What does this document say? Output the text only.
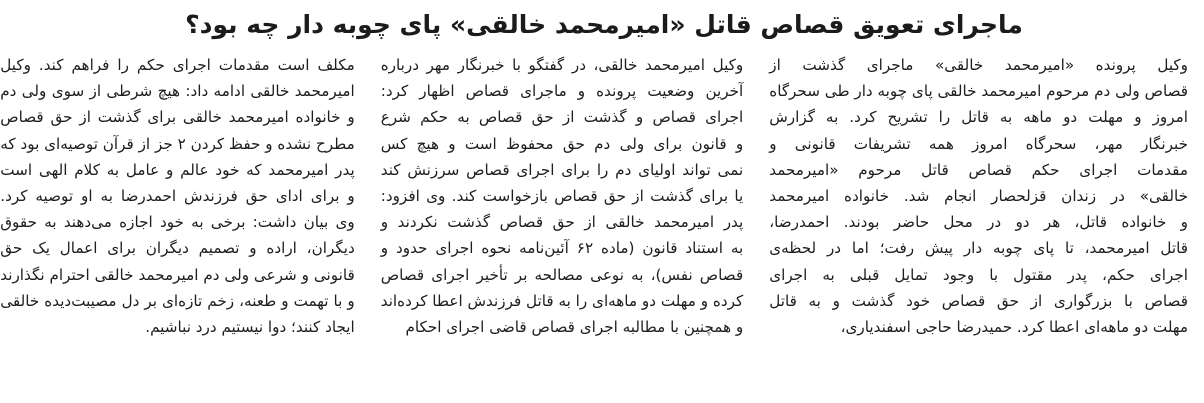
ماجرای تعویق قصاص قاتل «امیرمحمد خالقی» پای چوبه دار چه بود؟
وکیل پرونده «امیرمحمد خالقی» ماجرای گذشت از
قصاص ولی دم مرحوم امیرمحمد خالقی پای چوبه دار طی سحرگاه
امروز و مهلت دو ماهه به قاتل را تشریح کرد. به گزارش
خبرنگار مهر، سحرگاه امروز همه تشریفات قانونی و
مقدمات اجرای حکم قصاص قاتل مرحوم «امیرمحمد
خالقی» در زندان قزلحصار انجام شد. خانواده امیرمحمد
و خانواده قاتل، هر دو در محل حاضر بودند. احمدرضا،
قاتل امیرمحمد، تا پای چوبه دار پیش رفت؛ اما در لحظه‌ی
اجرای حکم، پدر مقتول با وجود تمایل قبلی به اجرای
قصاص با بزرگواری از حق قصاص خود گذشت و به قاتل
مهلت دو ماهه‌ای اعطا کرد. حمیدرضا حاجی اسفندیاری،
وکیل امیرمحمد خالقی، در گفتگو با خبرنگار مهر درباره
آخرین وضعیت پرونده و ماجرای قصاص اظهار کرد:
اجرای قصاص و گذشت از حق قصاص به حکم شرع
و قانون برای ولی دم حق محفوظ است و هیچ کس
نمی تواند اولیای دم را برای اجرای قصاص سرزنش کند
یا برای گذشت از حق قصاص بازخواست کند. وی افزود:
پدر امیرمحمد خالقی از حق قصاص گذشت نکردند و
به استناد قانون (ماده ۶۲ آئین‌نامه نحوه اجرای حدود و
قصاص نفس)، به نوعی مصالحه بر تأخیر اجرای قصاص
کرده و مهلت دو ماهه‌ای را به قاتل فرزندش اعطا کرده‌اند
و همچنین با مطالبه اجرای قصاص قاضی اجرای احکام
مکلف است مقدمات اجرای حکم را فراهم کند. وکیل
امیرمحمد خالقی ادامه داد: هیچ شرطی از سوی ولی دم
و خانواده امیرمحمد خالقی برای گذشت از حق قصاص
مطرح نشده و حفظ کردن ۲ جز از قرآن توصیه‌ای بود که
پدر امیرمحمد که خود عالم و عامل به کلام الهی است
و برای ادای حق فرزندش احمدرضا به او توصیه کرد.
وی بیان داشت: برخی به خود اجازه می‌دهند به حقوق
دیگران، اراده و تصمیم دیگران برای اعمال یک حق
قانونی و شرعی ولی دم امیرمحمد خالقی احترام نگذارند
و با تهمت و طعنه، زخم تازه‌ای بر دل مصیبت‌دیده خالقی
ایجاد کنند؛ دوا نیستیم درد نباشیم.
